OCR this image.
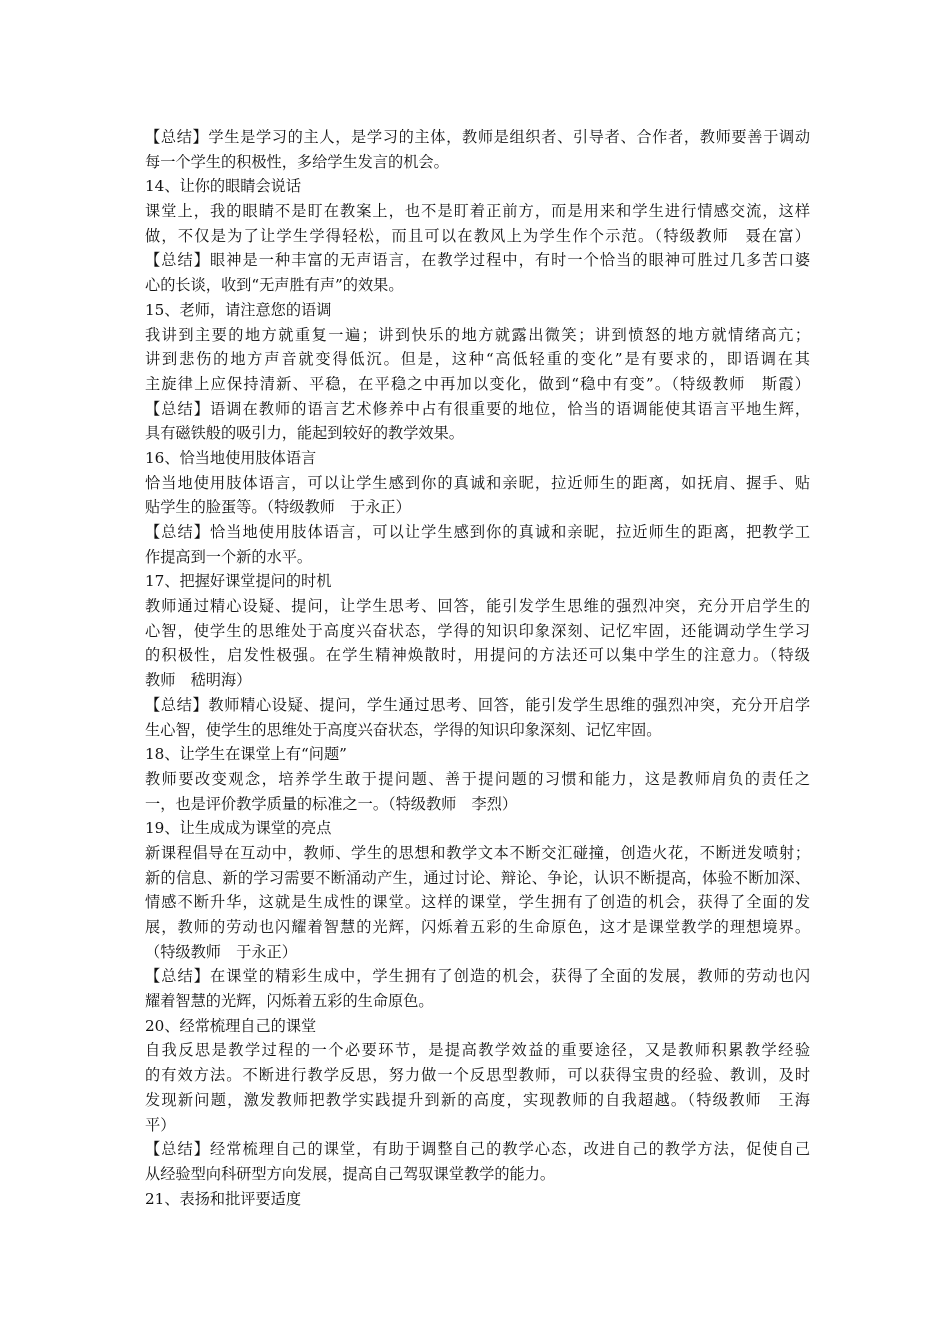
【总结】学生是学习的主人，是学习的主体，教师是组织者、引导者、合作者，教师要善于调动
每一个学生的积极性，多给学生发言的机会。
14、让你的眼睛会说话
课堂上，我的眼睛不是盯在教案上，也不是盯着正前方，而是用来和学生进行情感交流，这样
做，不仅是为了让学生学得轻松，而且可以在教风上为学生作个示范。（特级教师　聂在富）
【总结】眼神是一种丰富的无声语言，在教学过程中，有时一个恰当的眼神可胜过几多苦口婆
心的长谈，收到“无声胜有声”的效果。
15、老师，请注意您的语调
我讲到主要的地方就重复一遍；讲到快乐的地方就露出微笑；讲到愤怒的地方就情绪高亢；
讲到悲伤的地方声音就变得低沉。但是，这种“高低轻重的变化”是有要求的，即语调在其
主旋律上应保持清新、平稳，在平稳之中再加以变化，做到“稳中有变”。（特级教师　斯霞）
【总结】语调在教师的语言艺术修养中占有很重要的地位，恰当的语调能使其语言平地生辉，
具有磁铁般的吸引力，能起到较好的教学效果。
16、恰当地使用肢体语言
恰当地使用肢体语言，可以让学生感到你的真诚和亲昵，拉近师生的距离，如抚肩、握手、贴
贴学生的脸蛋等。（特级教师　于永正）
【总结】恰当地使用肢体语言，可以让学生感到你的真诚和亲昵，拉近师生的距离，把教学工
作提高到一个新的水平。
17、把握好课堂提问的时机
教师通过精心设疑、提问，让学生思考、回答，能引发学生思维的强烈冲突，充分开启学生的
心智，使学生的思维处于高度兴奋状态，学得的知识印象深刻、记忆牢固，还能调动学生学习
的积极性，启发性极强。在学生精神焕散时，用提问的方法还可以集中学生的注意力。（特级
教师　嵇明海）
【总结】教师精心设疑、提问，学生通过思考、回答，能引发学生思维的强烈冲突，充分开启学
生心智，使学生的思维处于高度兴奋状态，学得的知识印象深刻、记忆牢固。
18、让学生在课堂上有“问题”
教师要改变观念，培养学生敢于提问题、善于提问题的习惯和能力，这是教师肩负的责任之
一，也是评价教学质量的标准之一。（特级教师　李烈）
19、让生成成为课堂的亮点
新课程倡导在互动中，教师、学生的思想和教学文本不断交汇碰撞，创造火花，不断迸发喷射；
新的信息、新的学习需要不断涌动产生，通过讨论、辩论、争论，认识不断提高，体验不断加深、
情感不断升华，这就是生成性的课堂。这样的课堂，学生拥有了创造的机会，获得了全面的发
展，教师的劳动也闪耀着智慧的光辉，闪烁着五彩的生命原色，这才是课堂教学的理想境界。
（特级教师　于永正）
【总结】在课堂的精彩生成中，学生拥有了创造的机会，获得了全面的发展，教师的劳动也闪
耀着智慧的光辉，闪烁着五彩的生命原色。
20、经常梳理自己的课堂
自我反思是教学过程的一个必要环节，是提高教学效益的重要途径，又是教师积累教学经验
的有效方法。不断进行教学反思，努力做一个反思型教师，可以获得宝贵的经验、教训，及时
发现新问题，激发教师把教学实践提升到新的高度，实现教师的自我超越。（特级教师　王海
平）
【总结】经常梳理自己的课堂，有助于调整自己的教学心态，改进自己的教学方法，促使自己
从经验型向科研型方向发展，提高自己驾驭课堂教学的能力。
21、表扬和批评要适度
